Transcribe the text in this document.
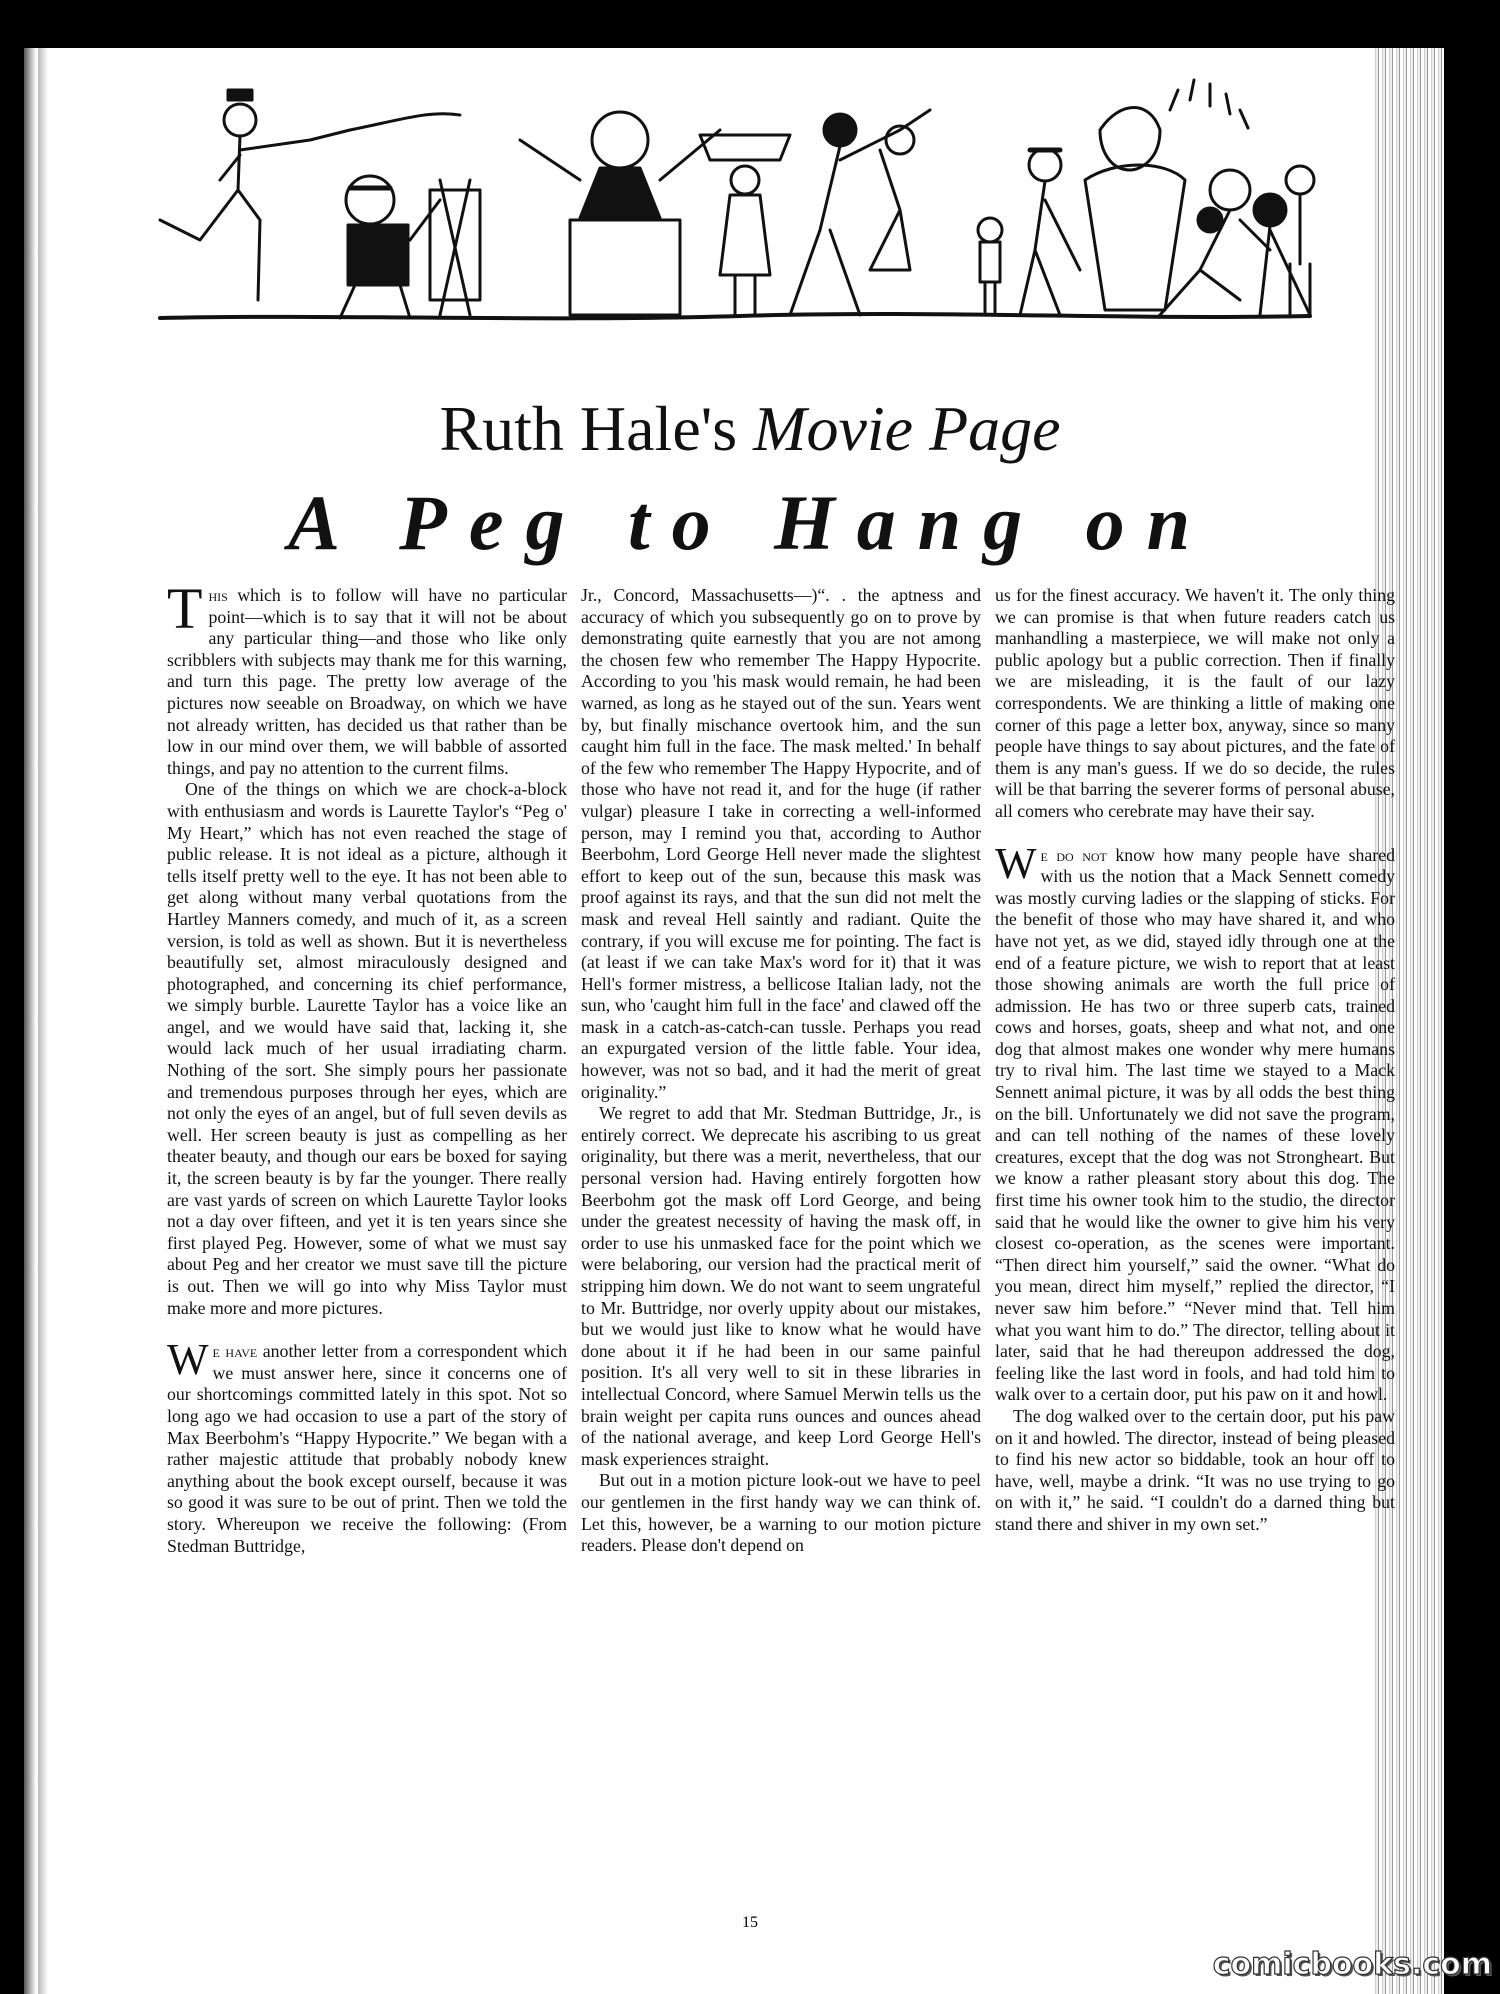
Ruth Hale's Movie Page
A Peg to Hang on

This which is to follow will have no particular point—which is to say that it will not be about any particular thing—and those who like only scribblers with subjects may thank me for this warning, and turn this page. The pretty low average of the pictures now seeable on Broadway, on which we have not already written, has decided us that rather than be low in our mind over them, we will babble of assorted things, and pay no attention to the current films.

One of the things on which we are chock-a-block with enthusiasm and words is Laurette Taylor's “Peg o' My Heart,” which has not even reached the stage of public release. It is not ideal as a picture, although it tells itself pretty well to the eye. It has not been able to get along without many verbal quotations from the Hartley Manners comedy, and much of it, as a screen version, is told as well as shown. But it is nevertheless beautifully set, almost miraculously designed and photographed, and concerning its chief performance, we simply burble. Laurette Taylor has a voice like an angel, and we would have said that, lacking it, she would lack much of her usual irradiating charm. Nothing of the sort. She simply pours her passionate and tremendous purposes through her eyes, which are not only the eyes of an angel, but of full seven devils as well. Her screen beauty is just as compelling as her theater beauty, and though our ears be boxed for saying it, the screen beauty is by far the younger. There really are vast yards of screen on which Laurette Taylor looks not a day over fifteen, and yet it is ten years since she first played Peg. However, some of what we must say about Peg and her creator we must save till the picture is out. Then we will go into why Miss Taylor must make more and more pictures.

We have another letter from a correspondent which we must answer here, since it concerns one of our shortcomings committed lately in this spot. Not so long ago we had occasion to use a part of the story of Max Beerbohm's “Happy Hypocrite.” We began with a rather majestic attitude that probably nobody knew anything about the book except ourself, because it was so good it was sure to be out of print. Then we told the story. Whereupon we receive the following: (From Stedman Buttridge,

Jr., Concord, Massachusetts—)“. . the aptness and accuracy of which you subsequently go on to prove by demonstrating quite earnestly that you are not among the chosen few who remember The Happy Hypocrite. According to you 'his mask would remain, he had been warned, as long as he stayed out of the sun. Years went by, but finally mischance overtook him, and the sun caught him full in the face. The mask melted.' In behalf of the few who remember The Happy Hypocrite, and of those who have not read it, and for the huge (if rather vulgar) pleasure I take in correcting a well-informed person, may I remind you that, according to Author Beerbohm, Lord George Hell never made the slightest effort to keep out of the sun, because this mask was proof against its rays, and that the sun did not melt the mask and reveal Hell saintly and radiant. Quite the contrary, if you will excuse me for pointing. The fact is (at least if we can take Max's word for it) that it was Hell's former mistress, a bellicose Italian lady, not the sun, who 'caught him full in the face' and clawed off the mask in a catch-as-catch-can tussle. Perhaps you read an expurgated version of the little fable. Your idea, however, was not so bad, and it had the merit of great originality.”

We regret to add that Mr. Stedman Buttridge, Jr., is entirely correct. We deprecate his ascribing to us great originality, but there was a merit, nevertheless, that our personal version had. Having entirely forgotten how Beerbohm got the mask off Lord George, and being under the greatest necessity of having the mask off, in order to use his unmasked face for the point which we were belaboring, our version had the practical merit of stripping him down. We do not want to seem ungrateful to Mr. Buttridge, nor overly uppity about our mistakes, but we would just like to know what he would have done about it if he had been in our same painful position. It's all very well to sit in these libraries in intellectual Concord, where Samuel Merwin tells us the brain weight per capita runs ounces and ounces ahead of the national average, and keep Lord George Hell's mask experiences straight.

But out in a motion picture look-out we have to peel our gentlemen in the first handy way we can think of. Let this, however, be a warning to our motion picture readers. Please don't depend on

us for the finest accuracy. We haven't it. The only thing we can promise is that when future readers catch us manhandling a masterpiece, we will make not only a public apology but a public correction. Then if finally we are misleading, it is the fault of our lazy correspondents. We are thinking a little of making one corner of this page a letter box, anyway, since so many people have things to say about pictures, and the fate of them is any man's guess. If we do so decide, the rules will be that barring the severer forms of personal abuse, all comers who cerebrate may have their say.

We do not know how many people have shared with us the notion that a Mack Sennett comedy was mostly curving ladies or the slapping of sticks. For the benefit of those who may have shared it, and who have not yet, as we did, stayed idly through one at the end of a feature picture, we wish to report that at least those showing animals are worth the full price of admission. He has two or three superb cats, trained cows and horses, goats, sheep and what not, and one dog that almost makes one wonder why mere humans try to rival him. The last time we stayed to a Mack Sennett animal picture, it was by all odds the best thing on the bill. Unfortunately we did not save the program, and can tell nothing of the names of these lovely creatures, except that the dog was not Strongheart. But we know a rather pleasant story about this dog. The first time his owner took him to the studio, the director said that he would like the owner to give him his very closest co-operation, as the scenes were important. “Then direct him yourself,” said the owner. “What do you mean, direct him myself,” replied the director, “I never saw him before.” “Never mind that. Tell him what you want him to do.” The director, telling about it later, said that he had thereupon addressed the dog, feeling like the last word in fools, and had told him to walk over to a certain door, put his paw on it and howl.

The dog walked over to the certain door, put his paw on it and howled. The director, instead of being pleased to find his new actor so biddable, took an hour off to have, well, maybe a drink. “It was no use trying to go on with it,” he said. “I couldn't do a darned thing but stand there and shiver in my own set.”

15
comicbooks.com
